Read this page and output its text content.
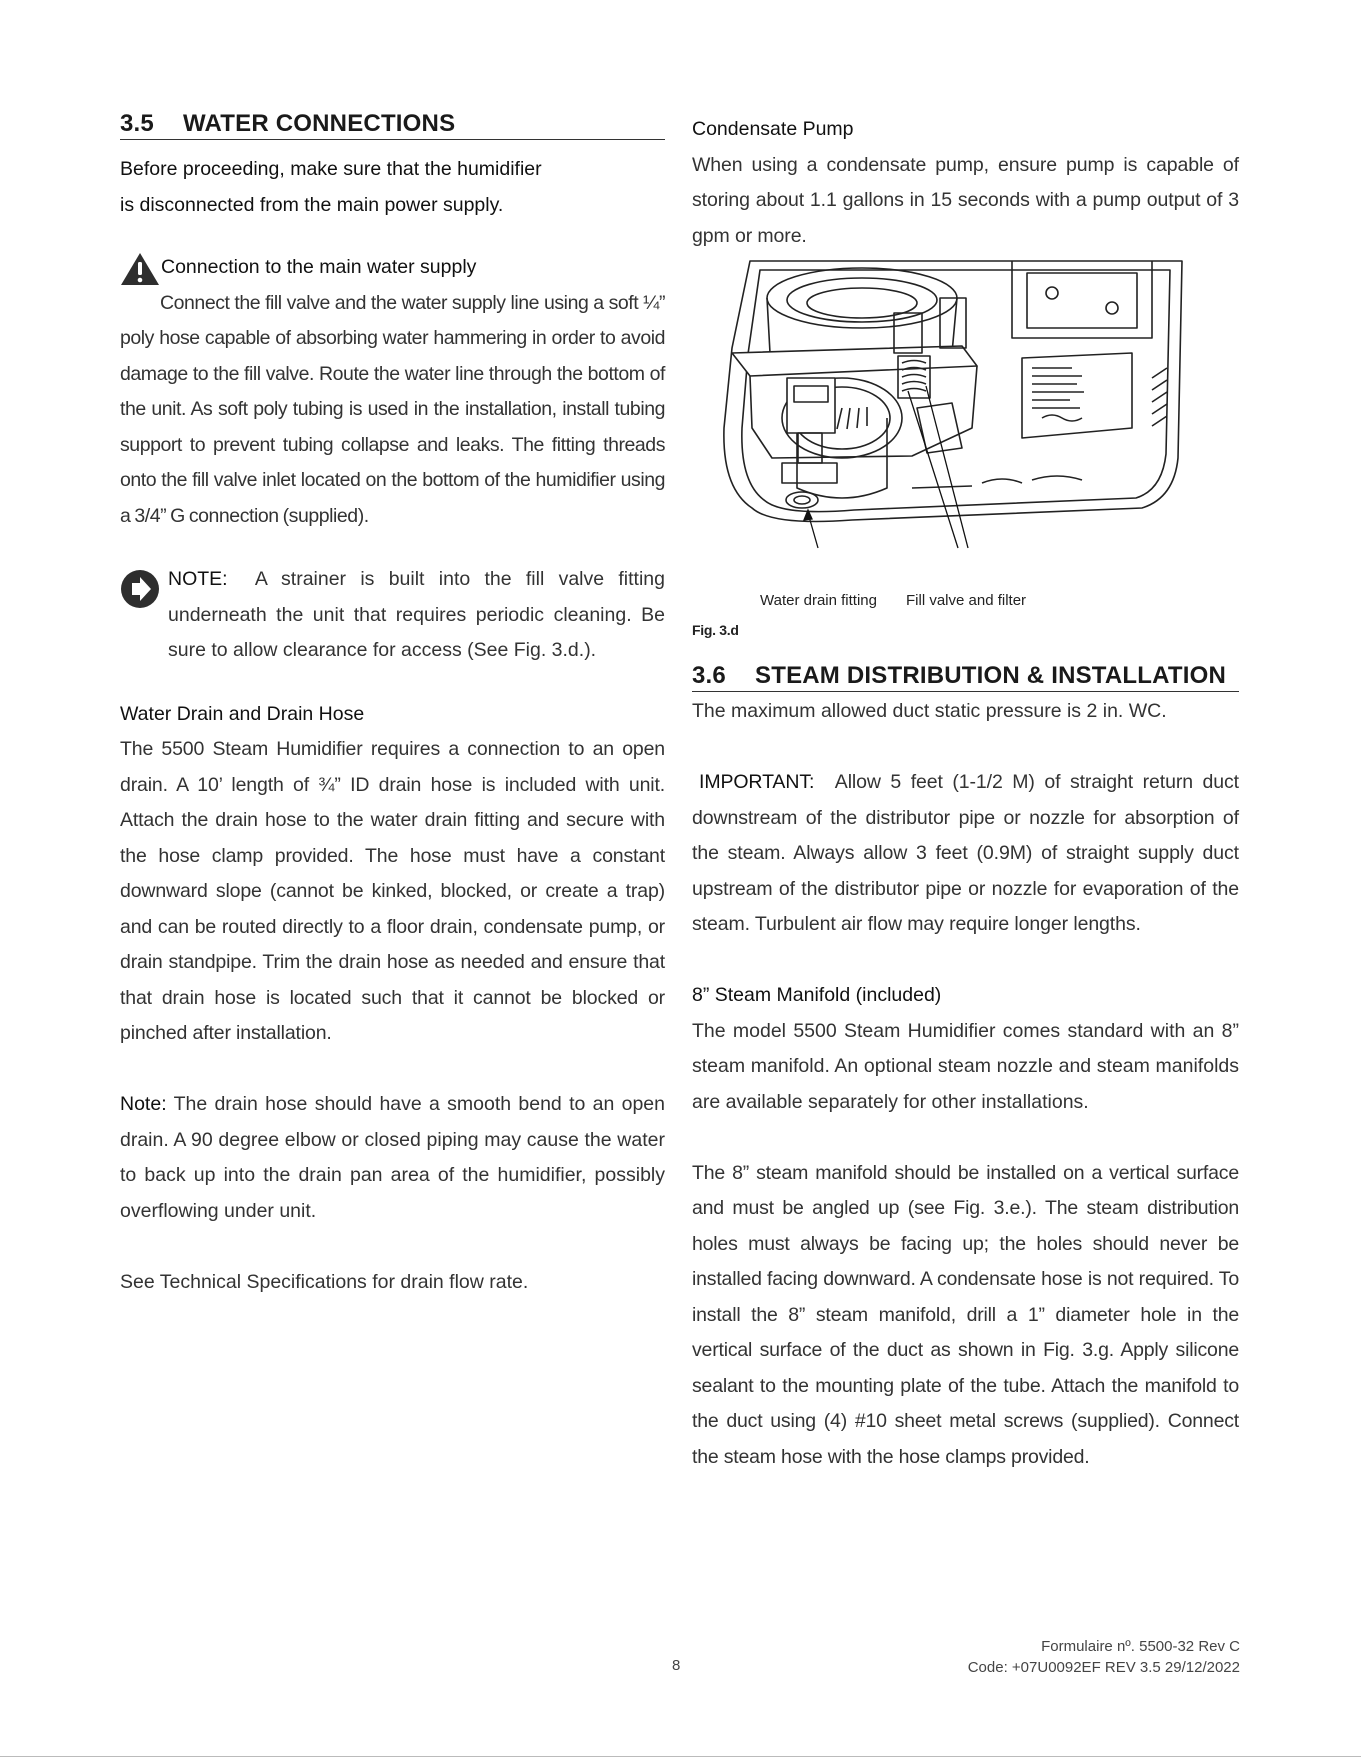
3.5	WATER CONNECTIONS

Before proceeding, make sure that the humidifier

is disconnected from the main power supply.

Connection to the main water supply

Connect the fill valve and the water supply line using a soft ¼” poly hose capable of absorbing water hammering in order to avoid damage to the fill valve. Route the water line through the bottom of the unit. As soft poly tubing is used in the installation, install tubing support to prevent tubing collapse and leaks. The fitting threads onto the fill valve inlet located on the bottom of the humidifier using a 3/4” G connection (supplied).

NOTE: A strainer is built into the fill valve fitting underneath the unit that requires periodic cleaning. Be sure to allow clearance for access (See Fig. 3.d.).

Water Drain and Drain Hose

The 5500 Steam Humidifier requires a connection to an open drain. A 10’ length of ¾” ID drain hose is included with unit. Attach the drain hose to the water drain fitting and secure with the hose clamp provided. The hose must have a constant downward slope (cannot be kinked, blocked, or create a trap) and can be routed directly to a floor drain, condensate pump, or drain standpipe. Trim the drain hose as needed and ensure that that drain hose is located such that it cannot be blocked or pinched after installation.

Note: The drain hose should have a smooth bend to an open drain. A 90 degree elbow or closed piping may cause the water to back up into the drain pan area of the humidifier, possibly overflowing under unit.

See Technical Specifications for drain flow rate.

Condensate Pump

When using a condensate pump, ensure pump is capable of storing about 1.1 gallons in 15 seconds with a pump output of 3 gpm or more.

Water drain fitting Fill valve and filter
Fig. 3.d
3.6	STEAM DISTRIBUTION & INSTALLATION

The maximum allowed duct static pressure is 2 in. WC.

IMPORTANT: Allow 5 feet (1-1/2 M) of straight return duct downstream of the distributor pipe or nozzle for absorption of the steam. Always allow 3 feet (0.9M) of straight supply duct upstream of the distributor pipe or nozzle for evaporation of the steam. Turbulent air flow may require longer lengths.

8” Steam Manifold (included)

The model 5500 Steam Humidifier comes standard with an 8” steam manifold. An optional steam nozzle and steam manifolds are available separately for other installations.

The 8” steam manifold should be installed on a vertical surface and must be angled up (see Fig. 3.e.). The steam distribution holes must always be facing up; the holes should never be installed facing downward. A condensate hose is not required. To install the 8” steam manifold, drill a 1” diameter hole in the vertical surface of the duct as shown in Fig. 3.g. Apply silicone sealant to the mounting plate of the tube. Attach the manifold to the duct using (4) #10 sheet metal screws (supplied). Connect the steam hose with the hose clamps provided.

8
Formulaire nº. 5500-32 Rev C
Code: +07U0092EF REV 3.5 29/12/2022
